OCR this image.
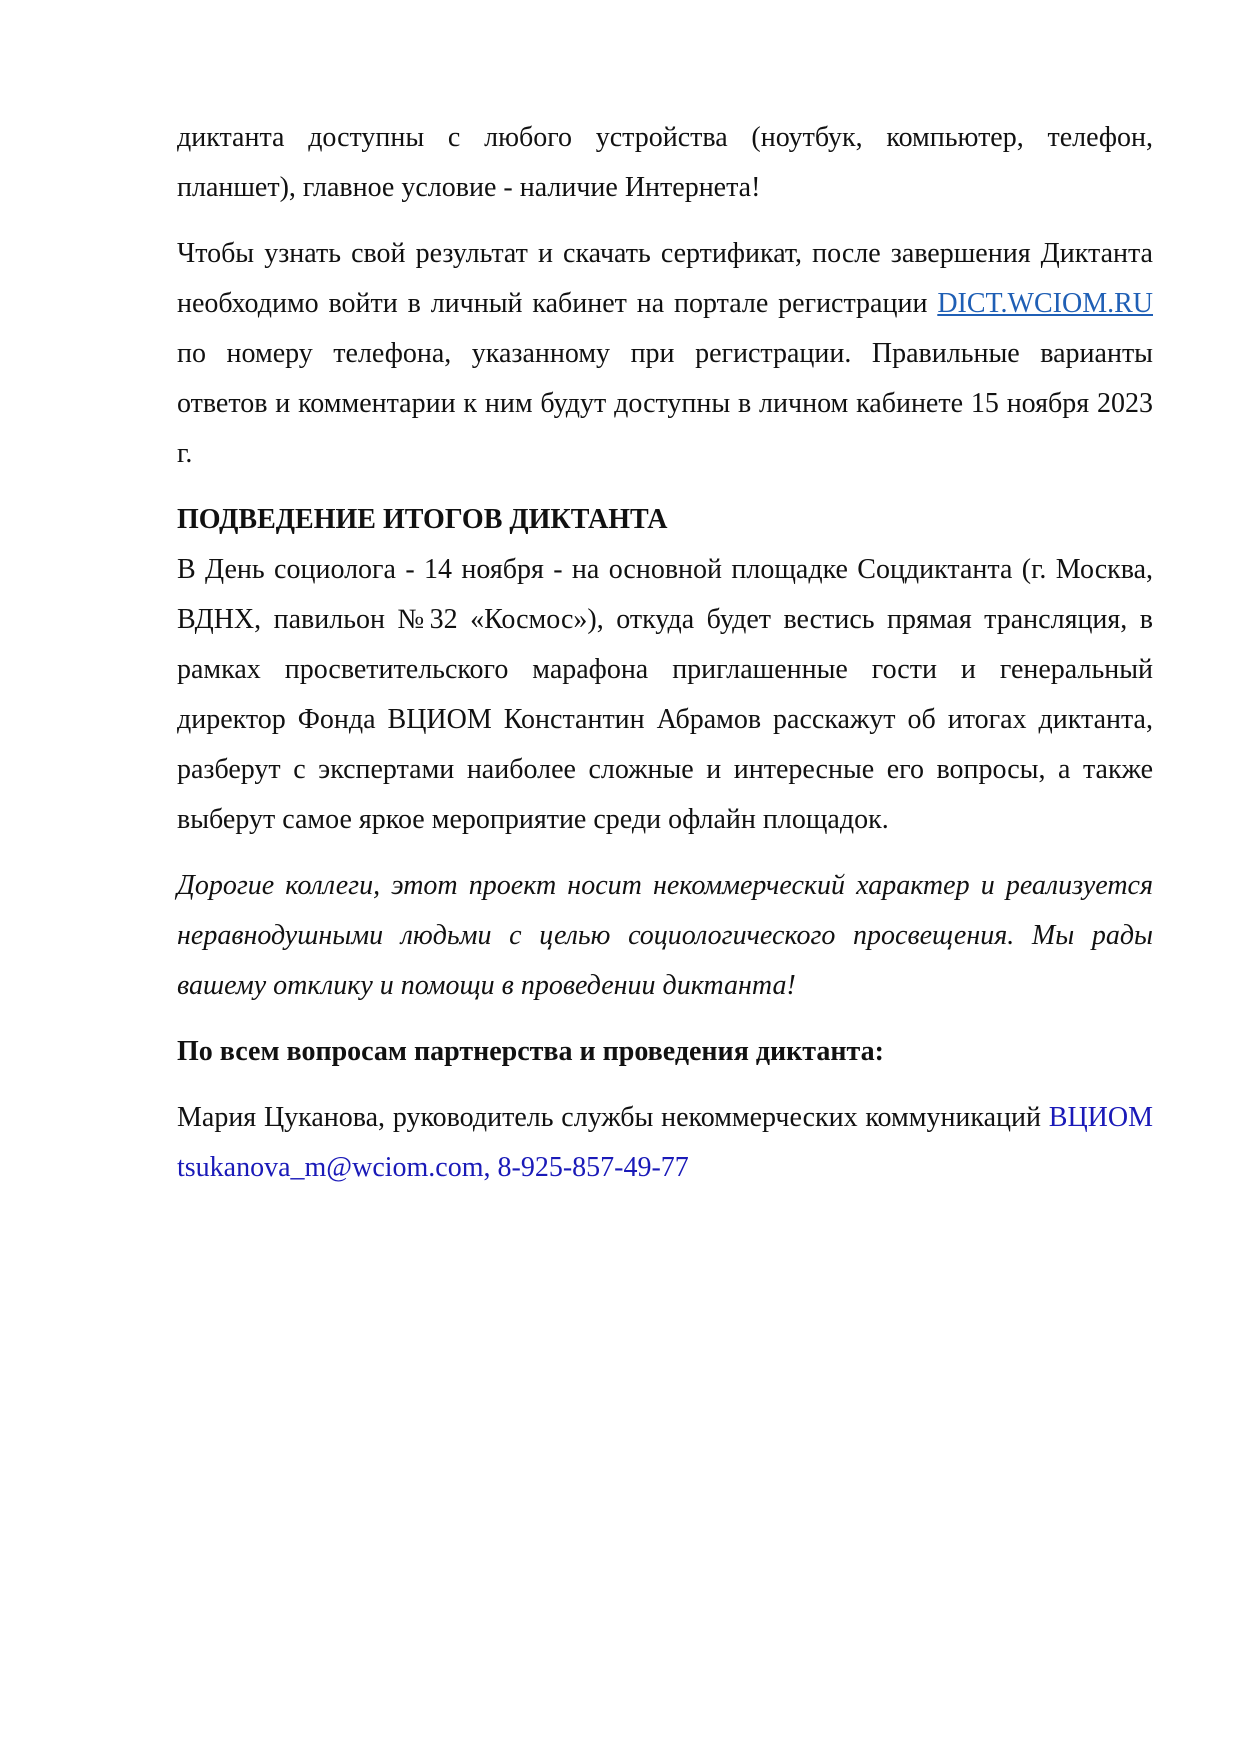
диктанта доступны с любого устройства (ноутбук, компьютер, телефон, планшет), главное условие - наличие Интернета!

Чтобы узнать свой результат и скачать сертификат, после завершения Диктанта необходимо войти в личный кабинет на портале регистрации DICT.WCIOM.RU по номеру телефона, указанному при регистрации. Правильные варианты ответов и комментарии к ним будут доступны в личном кабинете 15 ноября 2023 г.

ПОДВЕДЕНИЕ ИТОГОВ ДИКТАНТА

В День социолога - 14 ноября - на основной площадке Соцдиктанта (г. Москва, ВДНХ, павильон №32 «Космос»), откуда будет вестись прямая трансляция, в рамках просветительского марафона приглашенные гости и генеральный директор Фонда ВЦИОМ Константин Абрамов расскажут об итогах диктанта, разберут с экспертами наиболее сложные и интересные его вопросы, а также выберут самое яркое мероприятие среди офлайн площадок.

Дорогие коллеги, этот проект носит некоммерческий характер и реализуется неравнодушными людьми с целью социологического просвещения. Мы рады вашему отклику и помощи в проведении диктанта!

По всем вопросам партнерства и проведения диктанта:

Мария Цуканова, руководитель службы некоммерческих коммуникаций ВЦИОМ tsukanova_m@wciom.com, 8-925-857-49-77
